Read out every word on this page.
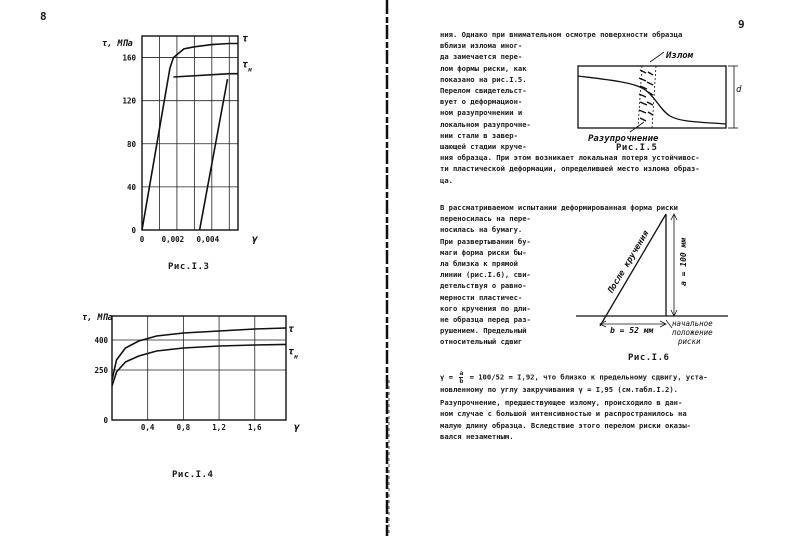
8
0
40
80
120
160
0 0,002 0,004
τ, МПа
γ
τ
τ н
Рис.I.3
0
250
400
0,4	0,8	1,2	1,6
τ, МПа
γ
τ
τ н
Рис.I.4
9
ния. Однако при внимательном осмотре поверхности образца
вблизи излома иног-
да замечается пере-
лом формы риски, как
показано на рис.I.5.
Перелом свидетельст-
вует о деформацион-
ном разупрочнении и
локальном разупрочне-
нии стали в завер-
шающей стадии круче-
ния образца. При этом возникает локальная потеря устойчивос-
ти пластической деформации, определившей место излома образ-
ца.
Излом
Разупрочнение
d
Рис.I.5
В рассматриваемом испытании деформированная форма риски
переносилась на пере-
носилась на бумагу.
При развертывании бу-
маги форма риски бы-
ла близка к прямой
линии (рис.I.6), сви-
детельствуя о равно-
мерности пластичес-
кого кручения по дли-
не образца перед раз-
рушением. Предельный
относительный сдвиг
После кручения	a = 100 мм
b = 52 мм
начальное
положение
риски
Рис.I.6
$\gamma = \frac{a}{b} = 100/52 = I,92$, что близко к предельному сдвигу, уста-
новленному по углу закручивания γ = I,95 (см.табл.I.2).
Разупрочнение, предшествующее излому, происходило в дан-
ном случае с большой интенсивностью и распространилось на
малую длину образца. Вследствие этого перелом риски оказы-
вался незаметным.
